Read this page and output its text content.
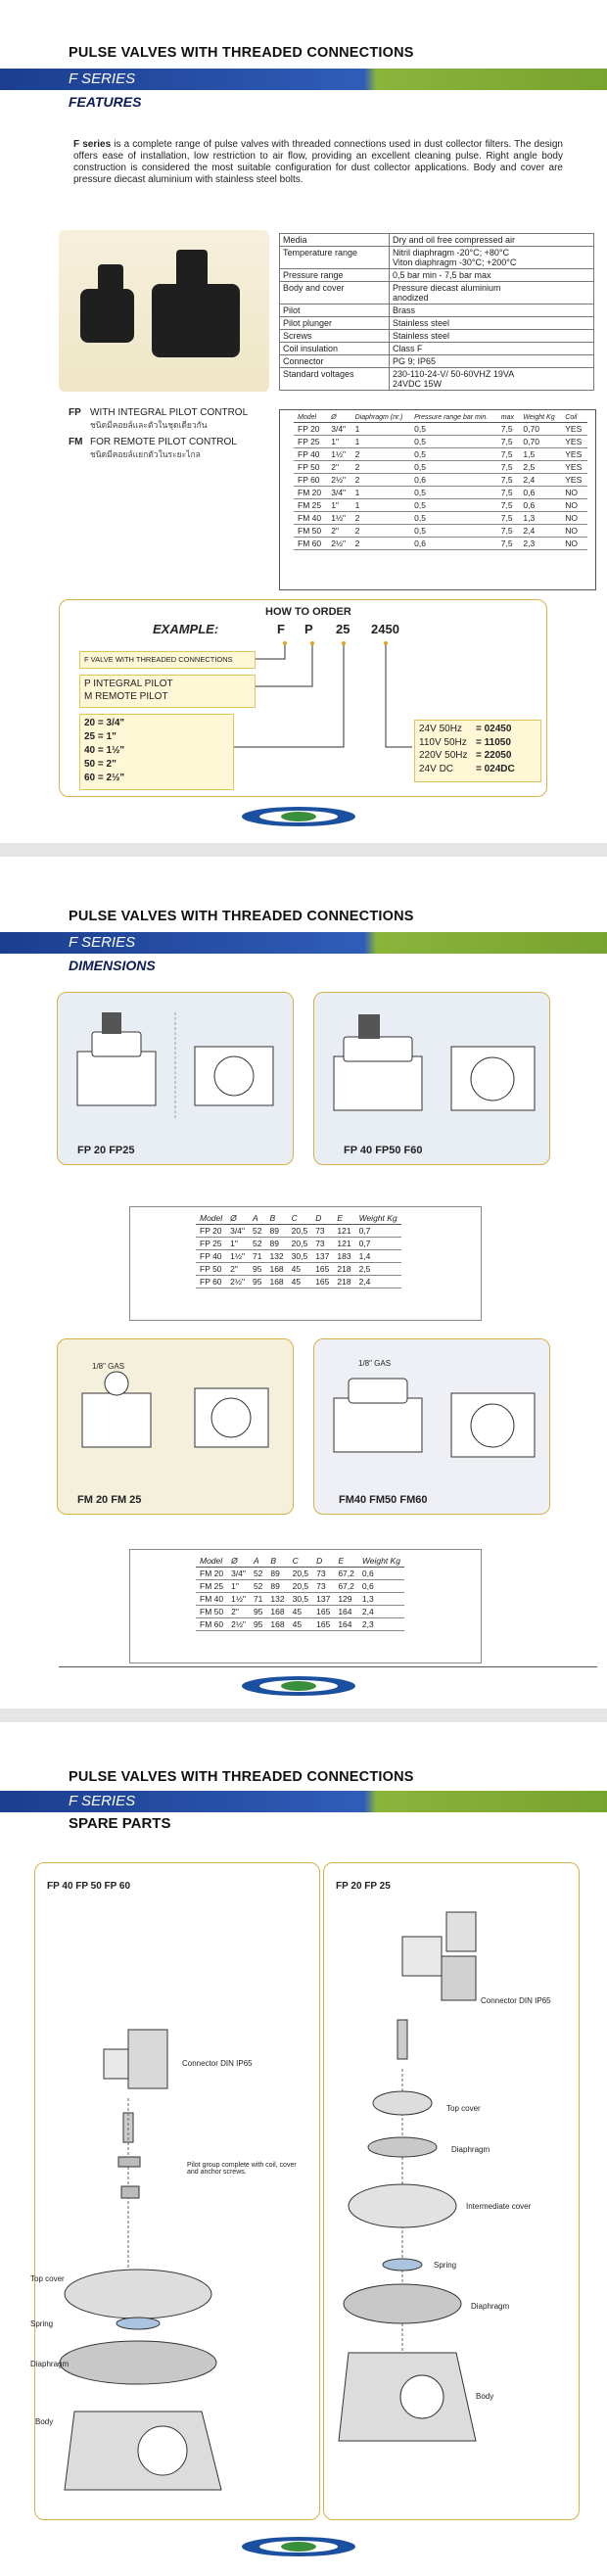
PULSE VALVES WITH THREADED CONNECTIONS
F SERIES
FEATURES
F series is a complete range of pulse valves with threaded connections used in dust collector filters. The design offers ease of installation, low restriction to air flow, providing an excellent cleaning pulse. Right angle body construction is considered the most suitable configuration for dust collector applications. Body and cover are pressure diecast aluminium with stainless steel bolts.
Media	Dry and oil free compressed air
Temperature range	Nitril diaphragm -20°C; +80°C
Viton diaphragm -30°C; +200°C
Pressure range	0,5 bar min - 7,5 bar max
Body and cover	Pressure diecast aluminium
anodized
Pilot	Brass
Pilot plunger	Stainless steel
Screws	Stainless steel
Coil insulation	Class F
Connector	PG 9; IP65
Standard voltages	230-110-24-V/ 50-60VHZ 19VA
24VDC 15W
FP WITH INTEGRAL PILOT CONTROL
ชนิดมีคอยล์และตัวในชุดเดียวกัน
FM FOR REMOTE PILOT CONTROL
ชนิดมีคอยล์แยกตัวในระยะไกล
Model	Ø	Diaphragm (nr.)	Pressure range bar min.	max	Weight Kg	Coil
FP 20	3/4"	1	0,5	7,5	0,70	YES
FP 25	1"	1	0,5	7,5	0,70	YES
FP 40	1½"	2	0,5	7,5	1,5	YES
FP 50	2"	2	0,5	7,5	2,5	YES
FP 60	2½"	2	0,6	7,5	2,4	YES
FM 20	3/4"	1	0,5	7,5	0,6	NO
FM 25	1"	1	0,5	7,5	0,6	NO
FM 40	1½"	2	0,5	7,5	1,3	NO
FM 50	2"	2	0,5	7,5	2,4	NO
FM 60	2½"	2	0,6	7,5	2,3	NO
HOW TO ORDER
EXAMPLE:	F P 25 2450
F VALVE WITH THREADED CONNECTIONS
P INTEGRAL PILOT
M REMOTE PILOT
20 = 3/4"
25 = 1"
40 = 1½"
50 = 2"
60 = 2½"
24V 50Hz = 02450
110V 50Hz = 11050
220V 50Hz = 22050
24V DC = 024DC
PULSE VALVES WITH THREADED CONNECTIONS
F SERIES
DIMENSIONS
FP 20 FP25	FP 40 FP50 F60
Model	Ø	A	B	C	D	E	Weight Kg
FP 20	3/4"	52	89	20,5	73	121	0,7
FP 25	1"	52	89	20,5	73	121	0,7
FP 40	1½"	71	132	30,5	137	183	1,4
FP 50	2"	95	168	45	165	218	2,5
FP 60	2½"	95	168	45	165	218	2,4
1/8" GAS
FM 20 FM 25
1/8" GAS
FM40 FM50 FM60
Model	Ø	A	B	C	D	E	Weight Kg
FM 20	3/4"	52	89	20,5	73	67,2	0,6
FM 25	1"	52	89	20,5	73	67,2	0,6
FM 40	1½"	71	132	30,5	137	129	1,3
FM 50	2"	95	168	45	165	164	2,4
FM 60	2½"	95	168	45	165	164	2,3
PULSE VALVES WITH THREADED CONNECTIONS
F SERIES
SPARE PARTS
FP 40 FP 50 FP 60
Connector DIN IP65
Pilot group complete with coil, cover and anchor screws.
Top cover
Spring
Diaphragm
Body
FP 20 FP 25
Connector DIN IP65
Top cover
Diaphragm
Intermediate cover
Spring
Diaphragm
Body
